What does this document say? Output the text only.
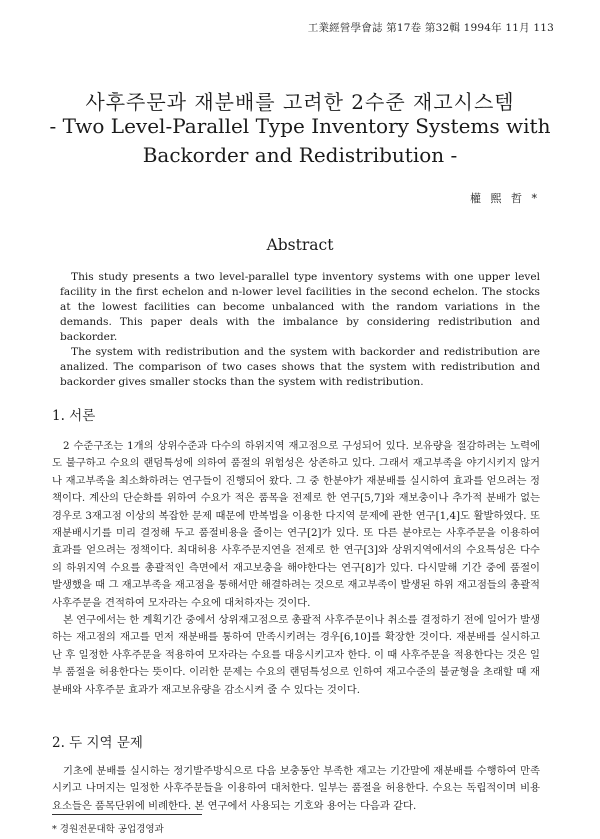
工業經營學會誌 第17卷 第32輯 1994年 11月 113
사후주문과 재분배를 고려한 2수준 재고시스템
- Two Level-Parallel Type Inventory Systems with
Backorder and Redistribution -
權 熙 哲 *
Abstract

This study presents a two level-parallel type inventory systems with one upper level facility in the first echelon and n-lower level facilities in the second echelon. The stocks at the lowest facilities can become unbalanced with the random variations in the demands. This paper deals with the imbalance by considering redistribution and backorder.

The system with redistribution and the system with backorder and redistribution are analized. The comparison of two cases shows that the system with redistribution and backorder gives smaller stocks than the system with redistribution.

1. 서론

2 수준구조는 1개의 상위수준과 다수의 하위지역 재고점으로 구성되어 있다. 보유량을 절감하려는 노력에도 불구하고 수요의 랜덤특성에 의하여 품절의 위험성은 상존하고 있다. 그래서 재고부족을 야기시키지 않거나 재고부족을 최소화하려는 연구들이 진행되어 왔다. 그 중 한분야가 재분배를 실시하여 효과를 얻으려는 정책이다. 계산의 단순화를 위하여 수요가 적은 품목을 전제로 한 연구[5,7]와 재보충이나 추가적 분배가 없는 경우로 3재고점 이상의 복잡한 문제 때문에 반복법을 이용한 다지역 문제에 관한 연구[1,4]도 활발하였다. 또 재분배시기를 미리 결정해 두고 품절비용을 줄이는 연구[2]가 있다. 또 다른 분야로는 사후주문을 이용하여 효과를 얻으려는 정책이다. 최대허용 사후주문지연을 전제로 한 연구[3]와 상위지역에서의 수요특성은 다수의 하위지역 수요를 총괄적인 측면에서 재고보충을 해야한다는 연구[8]가 있다. 다시말해 기간 중에 품절이 발생했을 때 그 재고부족을 재고점을 통해서만 해결하려는 것으로 재고부족이 발생된 하위 재고점들의 총괄적 사후주문을 견적하여 모자라는 수요에 대처하자는 것이다.

본 연구에서는 한 계획기간 중에서 상위재고점으로 총괄적 사후주문이나 취소를 결정하기 전에 일어가 발생하는 재고점의 재고를 먼저 재분배를 통하여 만족시키려는 경우[6,10]를 확장한 것이다. 재분배를 실시하고 난 후 일정한 사후주문을 적용하여 모자라는 수요를 대응시키고자 한다. 이 때 사후주문을 적용한다는 것은 일부 품절을 허용한다는 뜻이다. 이러한 문제는 수요의 랜덤특성으로 인하여 재고수준의 불균형을 초래할 때 재분배와 사후주문 효과가 재고보유량을 감소시켜 줄 수 있다는 것이다.

2. 두 지역 문제

기초에 분배를 실시하는 정기발주방식으로 다음 보충동안 부족한 재고는 기간말에 재분배를 수행하여 만족시키고 나머지는 일정한 사후주문들을 이용하여 대처한다. 일부는 품절을 허용한다. 수요는 독립적이며 비용요소들은 품목단위에 비례한다. 본 연구에서 사용되는 기호와 용어는 다음과 같다.

* 경원전문대학 공업경영과
